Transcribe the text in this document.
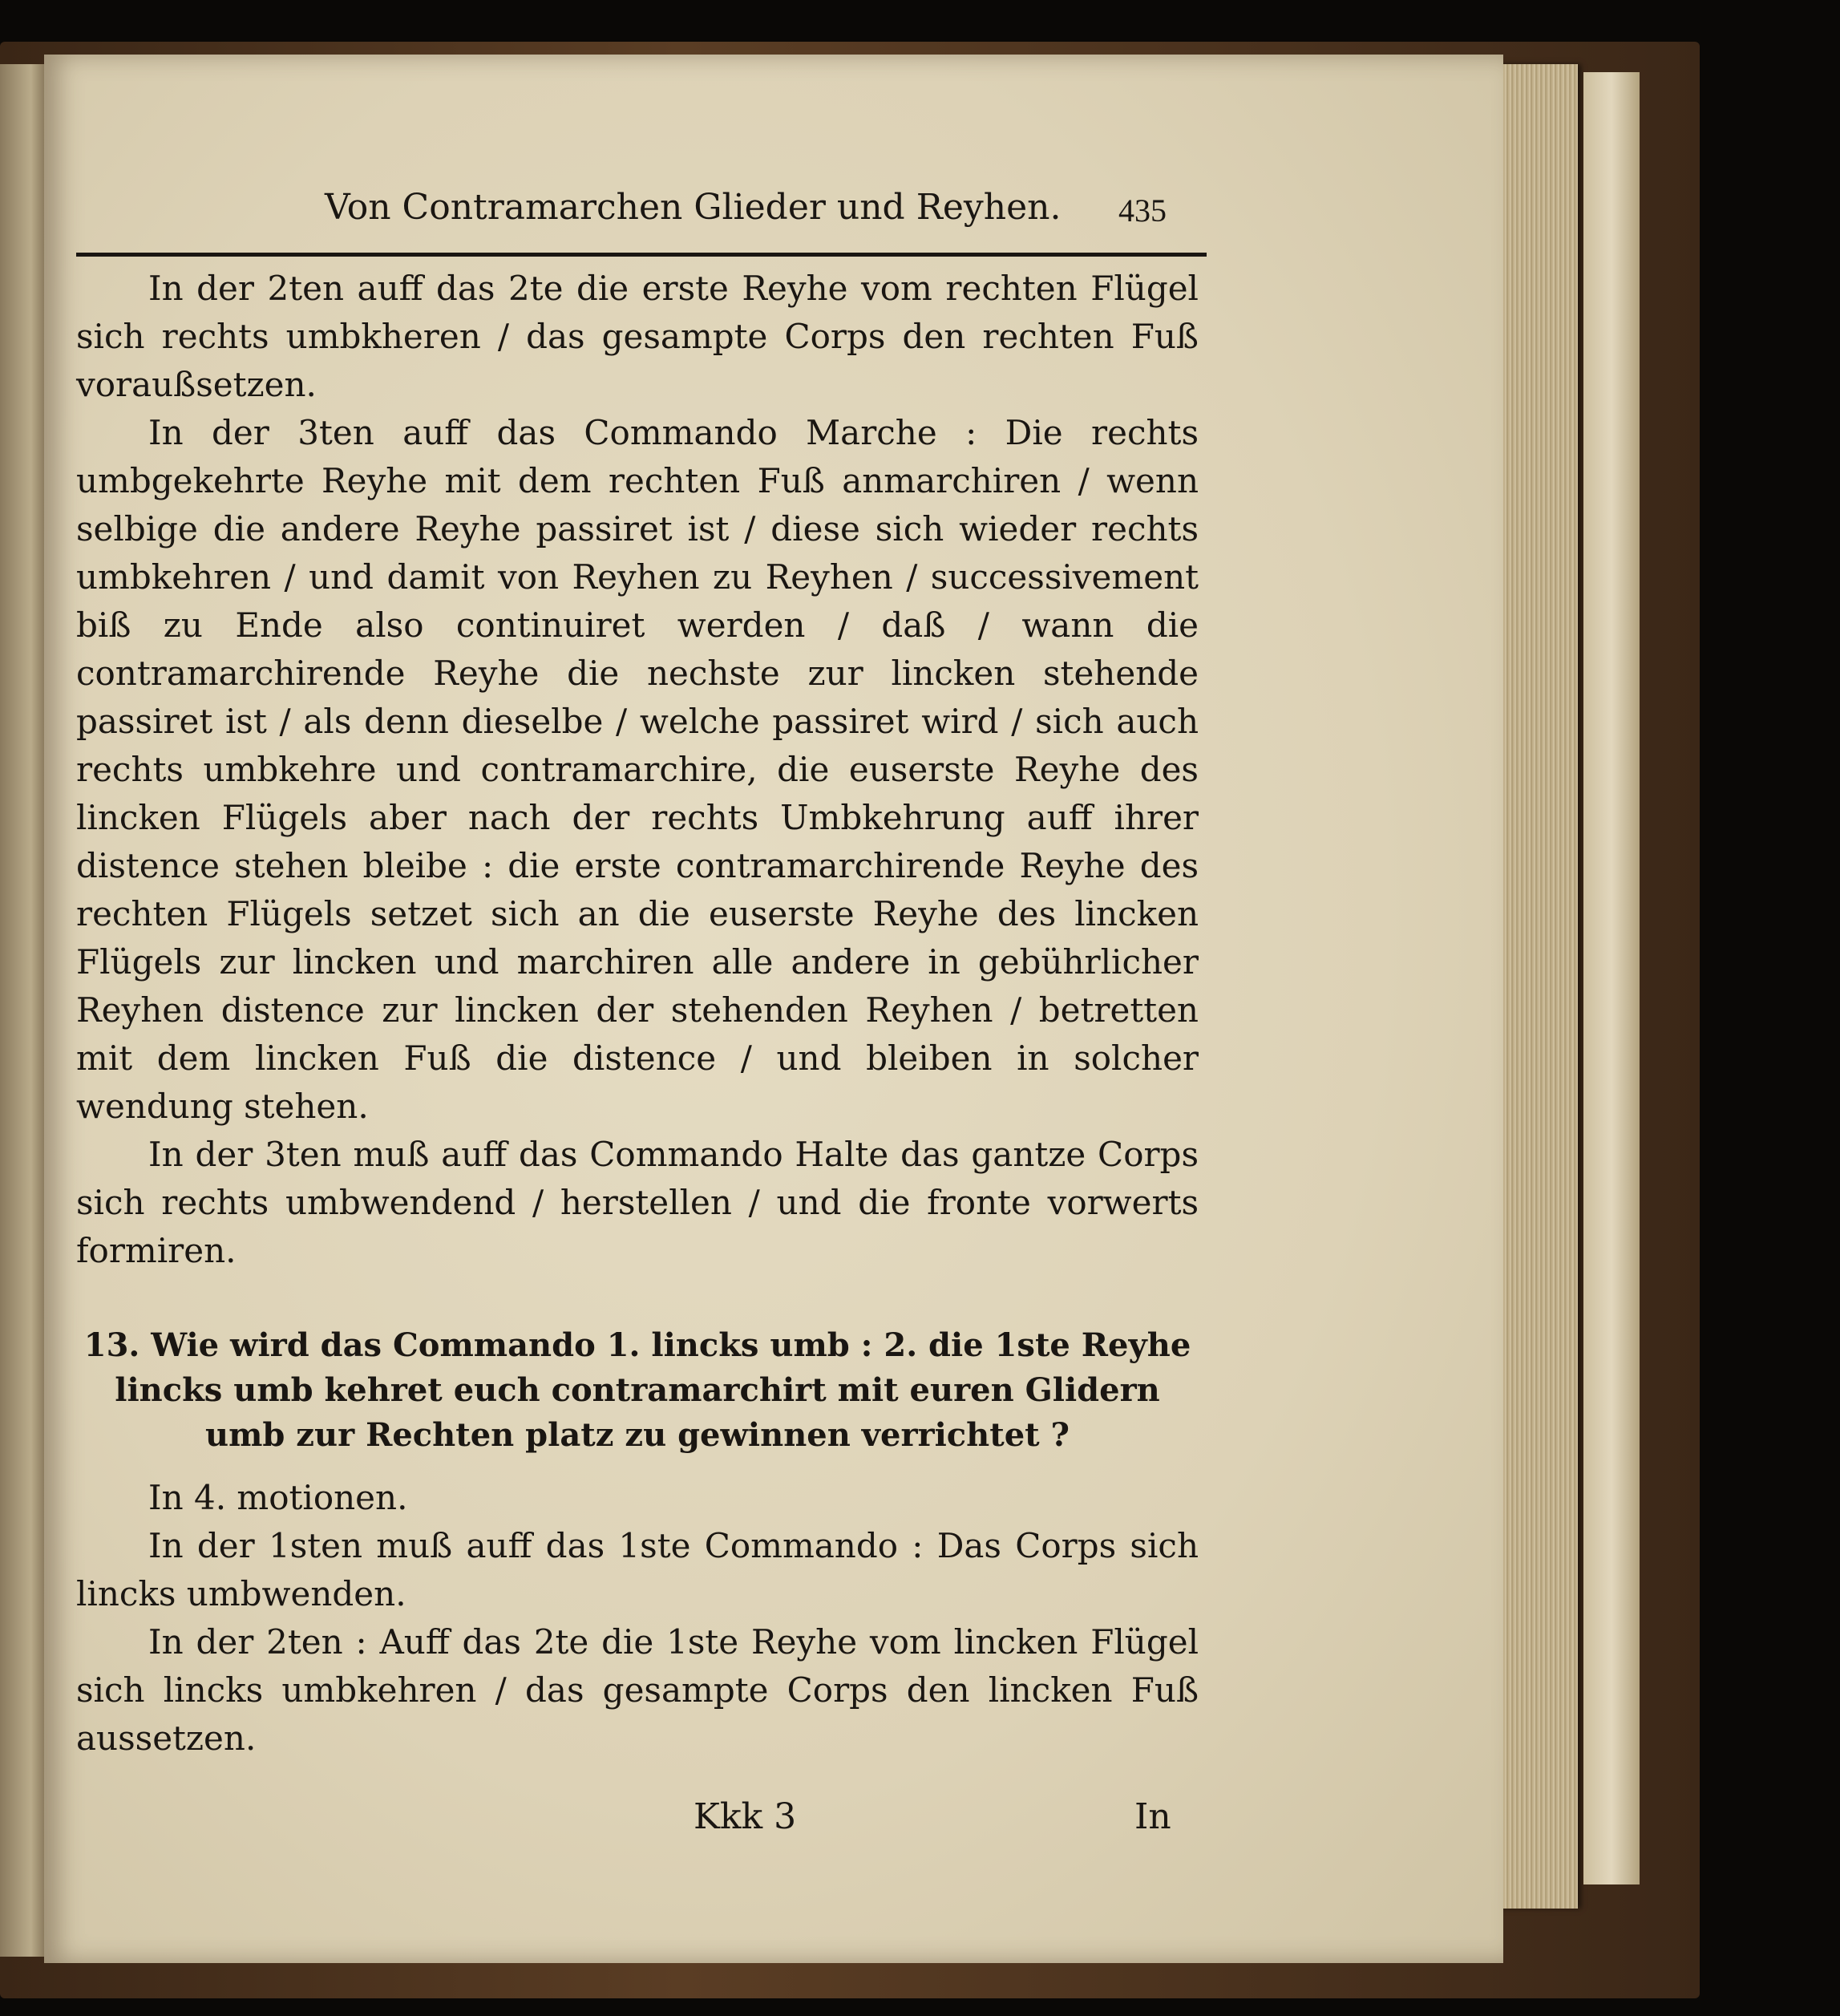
Von Contramarchen Glieder und Reyhen. 435

In der 2ten auff das 2te die erste Reyhe vom rechten Flügel sich rechts umbkheren / das gesampte Corps den rechten Fuß voraußsetzen.

In der 3ten auff das Commando Marche : Die rechts umbgekehrte Reyhe mit dem rechten Fuß anmarchiren / wenn selbige die andere Reyhe passiret ist / diese sich wieder rechts umbkehren / und damit von Reyhen zu Reyhen / successivement biß zu Ende also continuiret werden / daß / wann die contramarchirende Reyhe die nechste zur lincken stehende passiret ist / als denn dieselbe / welche passiret wird / sich auch rechts umbkehre und contramarchire, die euserste Reyhe des lincken Flügels aber nach der rechts Umbkehrung auff ihrer distence stehen bleibe : die erste contramarchirende Reyhe des rechten Flügels setzet sich an die euserste Reyhe des lincken Flügels zur lincken und marchiren alle andere in gebührlicher Reyhen distence zur lincken der stehenden Reyhen / betretten mit dem lincken Fuß die distence / und bleiben in solcher wendung stehen.

In der 3ten muß auff das Commando Halte das gantze Corps sich rechts umbwendend / herstellen / und die fronte vorwerts formiren.

13. Wie wird das Commando 1. lincks umb : 2. die 1ste Reyhe lincks umb kehret euch contramarchirt mit euren Glidern umb zur Rechten platz zu gewinnen verrichtet ?

In 4. motionen.

In der 1sten muß auff das 1ste Commando : Das Corps sich lincks umbwenden.

In der 2ten : Auff das 2te die 1ste Reyhe vom lincken Flügel sich lincks umbkehren / das gesampte Corps den lincken Fuß aussetzen.

Kkk 3	In
